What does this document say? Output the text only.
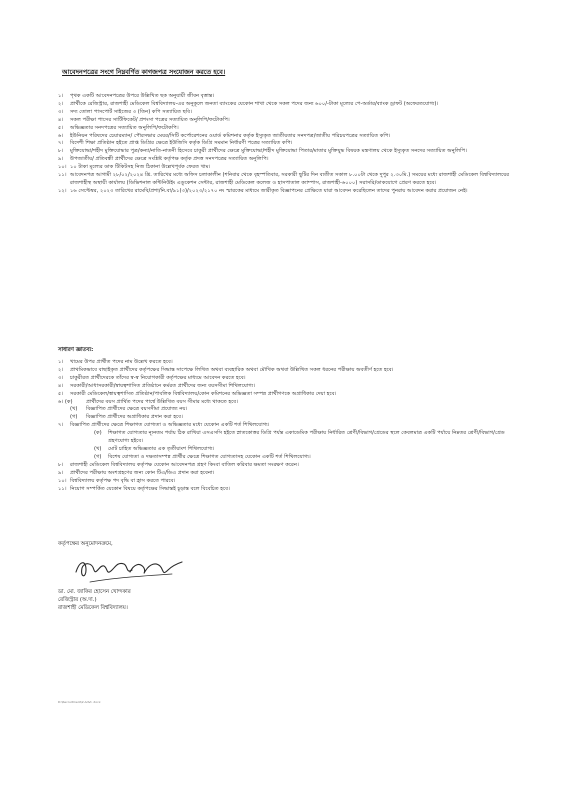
আবেদনপত্রের সংগে নিম্নবর্ণিত কাগজপত্র সংযোজন করতে হবে।
১।	পৃথক একটি আবেদনপত্রের উপরে উল্লিখিত ছক অনুযায়ী জীবন বৃত্তান্ত।
২।	প্রার্থীকে রেজিস্ট্রার, রাজশাহী মেডিকেল বিশ্ববিদ্যালয়-এর অনুকূলে জনতা ব্যাংকের যেকোন শাখা থেকে সকল পদের জন্য ৬০০/-টাকা মূল্যের পে-অর্ডার/ব্যাংক ড্রাফট (অফেরতযোগ্য)।
৩।	সদ্য তোলা পাসপোর্ট সাইজের ৩ (তিন) কপি সত্যায়িত ছবি।
৪।	সকল পরীক্ষা পাসের সার্টিফিকেট/ প্রশংসা পত্রের সত্যায়িত অনুলিপি/ফটোকপি।
৫।	অভিজ্ঞতার সনদপত্রের সত্যায়িত অনুলিপি/ফটোকপি।
৬।	ইউনিয়ন পরিষদের চেয়ারম্যান/ পৌরসভার মেয়র/সিটি কর্পোরেশনের ওয়ার্ড কমিশনার কর্তৃক ইস্যুকৃত জাতীয়তার সনদপত্র/জাতীয় পরিচয়পত্রের সত্যায়িত কপি।
৭।	বিদেশী শিক্ষা প্রতিষ্ঠান হইতে প্রাপ্ত ডিগ্রির ক্ষেত্রে ইউজিসি কর্তৃক ডিগ্রি সমমান নির্ধারণী পত্রের সত্যায়িত কপি।
৮।	মুক্তিযোদ্ধা/শহীদ মুক্তিযোদ্ধার পুত্র/কন্যা/নাতি-নাতনী হিসেবে চাকুরী প্রার্থীদের ক্ষেত্রে মুক্তিযোদ্ধা/শহীদ মুক্তিযোদ্ধা পিতার/মাতার মুক্তিযুদ্ধ বিষয়ক মন্ত্রণালয় থেকে ইস্যুকৃত সনদের সত্যায়িত অনুলিপি।
৯।	উপজাতীয়/ প্রতিবন্ধী প্রার্থীদের ক্ষেত্রে সংশ্লিষ্ট কর্তৃপক্ষ কর্তৃক প্রদত্ত সনদপত্রের সত্যায়িত অনুলিপি।
১০। ১০ টাকা মূল্যের ডাক টিকিটসহ নিজ ঠিকানা উল্লেখপূর্বক ফেরত খাম।
১১। আবেদনপত্র আগামী ২৮/০২/২০২৪ খ্রি. তারিখের মধ্যে অফিস চলাকালীন (শনিবার থেকে বৃহস্পতিবার, সরকারী ছুটির দিন ব্যতীত সকাল ৮.০০টা থেকে দুপুর ২.৩০মি.) সময়ের মধ্যে রাজশাহী মেডিকেল বিশ্ববিদ্যালয়ের রাজশাহীস্থ অস্থায়ী কার্যালয় (ডিভিশনাল কন্টিনিউইং এডুকেশন সেন্টার, রাজশাহী মেডিকেল কলেজ ও হাসপাতাল ক্যাম্পাস, রাজশাহী-৬০০০) সরাসরি/ডাকযোগে প্রেরণ করতে হবে।
১২। ১৬ সেপ্টেম্বর, ২০২৩ তারিখের রামেবি/প্রশা/নি.বা/৯১(৩)/২০২৩/২১৭০ নং স্মারকের মাধ্যমে জারীকৃত বিজ্ঞাপনের প্রেক্ষিতে যারা আবেদন করেছিলেন তাদের পুনরায় আবেদন করার প্রয়োজন নেই।
সাধারণ জ্ঞাতব্য:
১।	খামের উপর প্রার্থীত পদের নাম উল্লেখ করতে হবে।
২।	প্রাথমিকভাবে বাছাইকৃত প্রার্থীদের কর্তৃপক্ষের সিদ্ধান্ত সাপেক্ষে লিখিত অথবা ব্যবহারিক অথবা মৌখিক অথবা উল্লিখিত সকল ধরনের পরীক্ষায় অবতীর্ণ হতে হবে।
৩।	চাকুরীরত প্রার্থীদেরকে তাঁদের স্ব-স্ব নিয়োগকারী কর্তৃপক্ষের মাধ্যমে আবেদন করতে হবে।
৪।	সরকারী/আধাসরকারী/স্বায়ত্বশাসিত প্রতিষ্ঠানে কর্মরত প্রার্থীদের জন্য বয়সসীমা শিথিলযোগ্য।
৫।	সরকারী মেডিকেল/স্বায়ত্বশাসিত প্রতিষ্ঠান/পাবলিক বিশ্ববিদ্যালয়/কোন কমিশনের অভিজ্ঞতা সম্পন্ন প্রার্থীগণকে অগ্রাধিকার দেয়া হবে।
৬। (ক)	প্রার্থীদের বয়স প্রার্থিত পদের পার্শ্বে উল্লিখিত বয়স সীমার মধ্যে থাকতে হবে।
(খ)	বিজ্ঞাপিত প্রার্থীদের ক্ষেত্রে বয়সসীমা প্রযোজ্য নয়।
(গ)	বিজ্ঞাপিত প্রার্থীদের অগ্রাধিকার প্রদান করা হবে।
৭।	বিজ্ঞাপিত প্রার্থীদের ক্ষেত্রে শিক্ষাগত যোগ্যতা ও অভিজ্ঞতার মধ্যে যেকোন একটি শর্ত শিথিলযোগ্য।
(ক)	শিক্ষাগত যোগ্যতার ন্যূনতম পর্যায় ঠিক রাখিয়া এসএসসি হইতে স্নাতকোত্তর ডিগ্রি পর্যন্ত একাডেমিক পরীক্ষায় নির্ধারিত শ্রেণী/বিভাগ/গ্রেডের স্থলে কেবলমাত্র একটি পর্যায়ে নিম্নতর শ্রেণী/বিভাগ/গ্রেড গ্রহণযোগ্য হইবে।
(খ)	মোট চাহিত অভিজ্ঞতার এক তৃতীয়াংশ শিথিলযোগ্য।
(গ)	বিশেষ যোগ্যতা ও দক্ষতাসম্পন্ন প্রার্থীর ক্ষেত্রে শিক্ষাগত যোগ্যতাসহ যেকোন একটি শর্ত শিথিলযোগ্য।
৮।	রাজশাহী মেডিকেল বিশ্ববিদ্যালয় কর্তৃপক্ষ যেকোন আবেদনপত্র গ্রহণ কিংবা বাতিল করিবার ক্ষমতা সংরক্ষণ করেন।
৯।	প্রার্থীদের পরীক্ষায় অংশগ্রহণের জন্য কোন টিএ/ডিএ প্রদান করা হবেনা।
১০। বিশ্ববিদ্যালয় কর্তৃপক্ষ পদ বৃদ্ধি বা হ্রাস করতে পারবে।
১১। নিয়োগ সম্পর্কিত যেকোন বিষয়ে কর্তৃপক্ষের সিদ্ধান্তই চূড়ান্ত বলে বিবেচিত হবে।
কর্তৃপক্ষের অনুমোদনক্রমে,
ডা. মো. জাকির হোসেন খোন্দকার
রেজিস্ট্রার (অ.দা.)
রাজশাহী মেডিকেল বিশ্ববিদ্যালয়।
D:\Recruitment\2.Advt. docx
